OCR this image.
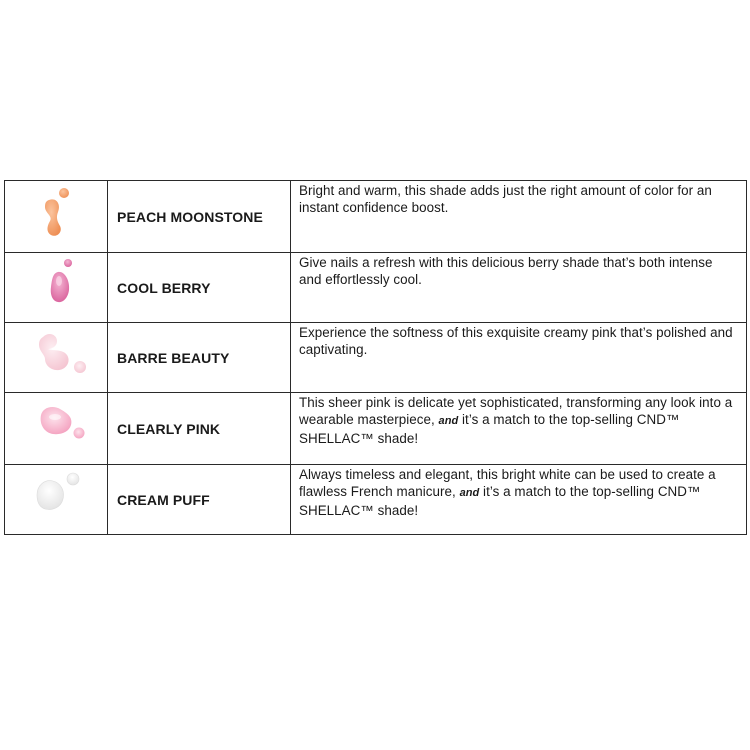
	PEACH MOONSTONE	Bright and warm, this shade adds just the right amount of color for an instant confidence boost.

	COOL BERRY	Give nails a refresh with this delicious berry shade that’s both intense and effortlessly cool.

	BARRE BEAUTY	Experience the softness of this exquisite creamy pink that’s polished and captivating.

	CLEARLY PINK	This sheer pink is delicate yet sophisticated, transforming any look into a wearable masterpiece, and it’s a match to the top-selling CND™ SHELLAC™ shade!

	CREAM PUFF	Always timeless and elegant, this bright white can be used to create a flawless French manicure, and it’s a match to the top-selling CND™ SHELLAC™ shade!
